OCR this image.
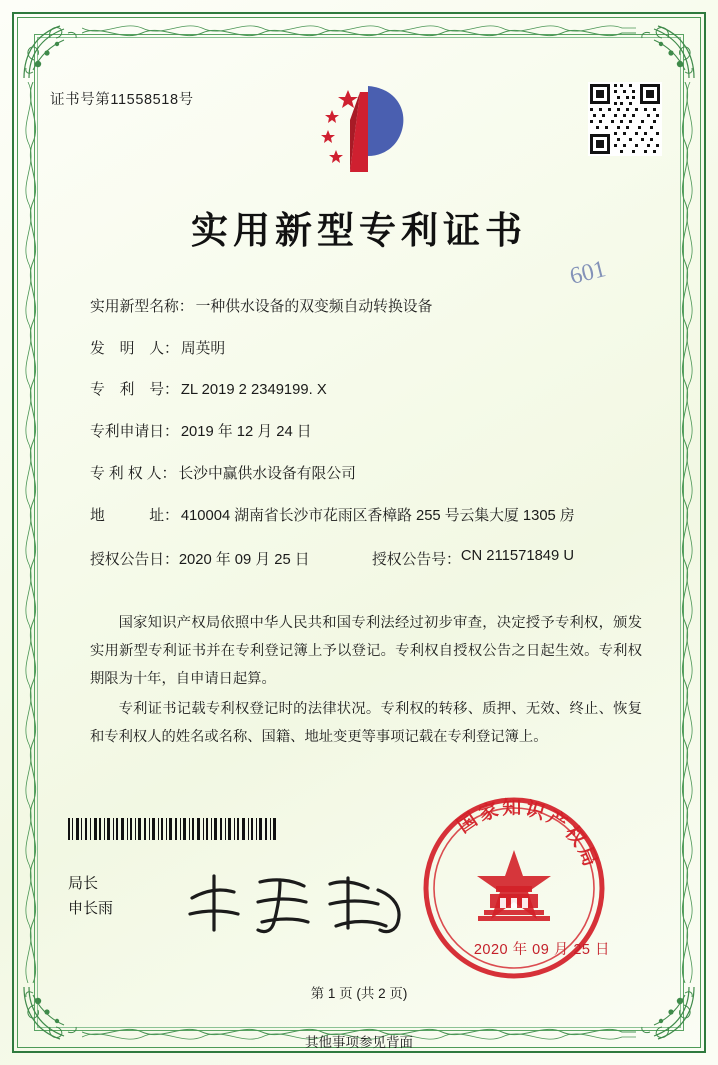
证书号第11558518号
实用新型专利证书
601
实用新型名称 ： 一种供水设备的双变频自动转换设备
发　明　人 ： 周英明
专　利　号 ： ZL 2019 2 2349199. X
专利申请日 ： 2019 年 12 月 24 日
专 利 权 人 ： 长沙中赢供水设备有限公司
地　　　址 ： 410004 湖南省长沙市花雨区香樟路 255 号云集大厦 1305 房
授权公告日 ： 2020 年 09 月 25 日	授权公告号 ： CN 211571849 U

国家知识产权局依照中华人民共和国专利法经过初步审查，决定授予专利权，颁发实用新型专利证书并在专利登记簿上予以登记。专利权自授权公告之日起生效。专利权期限为十年，自申请日起算。

专利证书记载专利权登记时的法律状况。专利权的转移、质押、无效、终止、恢复和专利权人的姓名或名称、国籍、地址变更等事项记载在专利登记簿上。

局长
申长雨
国家知识产权局
2020 年 09 月 25 日
第 1 页 (共 2 页)
其他事项参见背面
